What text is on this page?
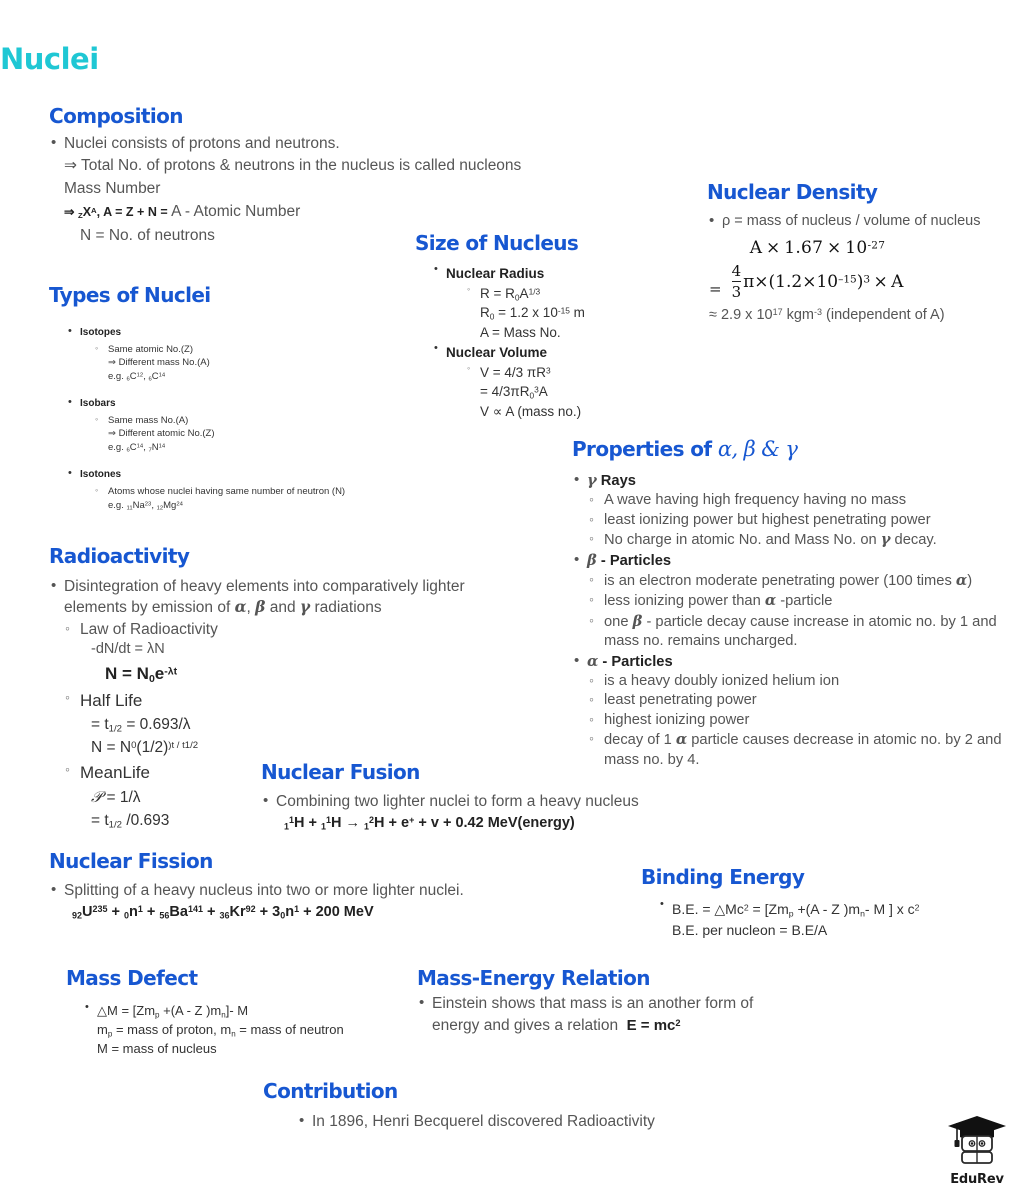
Nuclei
Composition
• Nuclei consists of protons and neutrons.
⇒ Total No. of protons & neutrons in the nucleus is called nucleons
Mass Number
⇒ $_ZX^A$, A = Z + N = A - Atomic Number
N = No. of neutrons
Types of Nuclei
• Isotopes
◦ Same atomic No.(Z)
⇒ Different mass No.(A)
e.g. $_6C^{12}$, $_6C^{14}$
• Isobars
◦ Same mass No.(A)
⇒ Different atomic No.(Z)
e.g. $_6C^{14}$, $_7N^{14}$
• Isotones
◦ Atoms whose nuclei having same number of neutron (N)
e.g. $_{11}Na^{23}$, $_{12}Mg^{24}$
Size of Nucleus
• Nuclear Radius
◦ $R = R_0A^{1/3}$
$R_0 = 1.2$ x $10^{-15}$ m
A = Mass No.
• Nuclear Volume
◦ V = 4/3 $\pi R^3$
= $4/3\pi R_0^3A$
V ∝ A (mass no.)
Nuclear Density
• ρ = mass of nucleus / volume of nucleus
=
$A \times 1.67 \times 10^{-27}$
4
3
$\pi\times(1.2\times 10^{-15})^3 \times A$
≈ 2.9 x $10^{17}$ kgm$^{-3}$ (independent of A)
Properties of α, β & γ
• γ Rays
◦ A wave having high frequency having no mass
◦ least ionizing power but highest penetrating power
◦ No charge in atomic No. and Mass No. on γ decay.
• β - Particles
◦ is an electron moderate penetrating power (100 times α)
◦ less ionizing power than α -particle
◦ one β - particle decay cause increase in atomic no. by 1 and mass no. remains uncharged.
• α - Particles
◦ is a heavy doubly ionized helium ion
◦ least penetrating power
◦ highest ionizing power
◦ decay of 1 α particle causes decrease in atomic no. by 2 and mass no. by 4.
Radioactivity
• Disintegration of heavy elements into comparatively lighter elements by emission of α, β and γ radiations
◦ Law of Radioactivity
-dN/dt = λN
$N = N_0e^{-\lambda t}$
◦ Half Life
= $t_{1/2} = 0.693/\lambda$
$N = N^0(1/2)^{)t / t1/2}$
◦ MeanLife
𝒫 = 1/λ
= $t_{1/2}$ /0.693
Nuclear Fusion
• Combining two lighter nuclei to form a heavy nucleus
$_1^1$H + $_1^1$H → $_1^2$H + e+ + v + 0.42 MeV(energy)
Nuclear Fission
• Splitting of a heavy nucleus into two or more lighter nuclei.
$_{92}U^{235} + _0n^1 + _{56}Ba^{141} + _{36}Kr^{92} + 3_0n^1 + 200$ MeV
Binding Energy
• B.E. = $\triangle Mc^2 = [Zm_p +(A - Z$ )$m_n-$ M ] x $c^2$
B.E. per nucleon = B.E/A
Mass Defect
• △M = [$Zm_p +(A - Z$ )$m_n]-$ M
$m_p$ = mass of proton, $m_n$ = mass of neutron
M = mass of nucleus
Mass-Energy Relation
• Einstein shows that mass is an another form of
energy and gives a relation  $E = mc^2$
Contribution
• In 1896, Henri Becquerel discovered Radioactivity
EduRev
